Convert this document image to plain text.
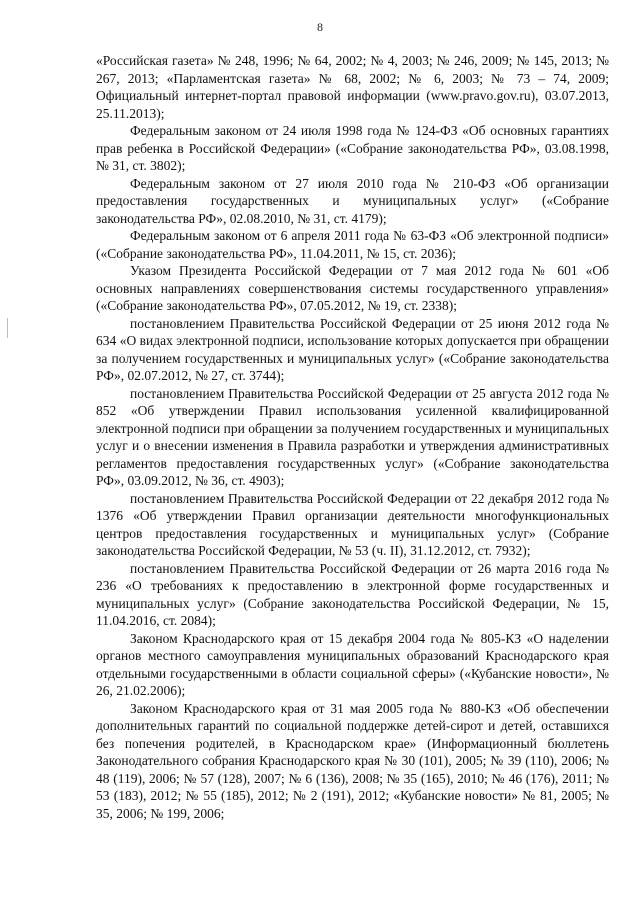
8

«Российская газета» № 248, 1996; № 64, 2002; № 4, 2003; № 246, 2009; № 145, 2013; № 267, 2013; «Парламентская газета» № 68, 2002; № 6, 2003; № 73 – 74, 2009; Официальный интернет-портал правовой информации (www.pravo.gov.ru), 03.07.2013, 25.11.2013);

Федеральным законом от 24 июля 1998 года № 124-ФЗ «Об основных гарантиях прав ребенка в Российской Федерации» («Собрание законодательства РФ», 03.08.1998, № 31, ст. 3802);

Федеральным законом от 27 июля 2010 года № 210-ФЗ «Об организации предоставления государственных и муниципальных услуг» («Собрание законодательства РФ», 02.08.2010, № 31, ст. 4179);

Федеральным законом от 6 апреля 2011 года № 63-ФЗ «Об электронной подписи» («Собрание законодательства РФ», 11.04.2011, № 15, ст. 2036);

Указом Президента Российской Федерации от 7 мая 2012 года № 601 «Об основных направлениях совершенствования системы государственного управления» («Собрание законодательства РФ», 07.05.2012, № 19, ст. 2338);

постановлением Правительства Российской Федерации от 25 июня 2012 года № 634 «О видах электронной подписи, использование которых допускается при обращении за получением государственных и муниципальных услуг» («Собрание законодательства РФ», 02.07.2012, № 27, ст. 3744);

постановлением Правительства Российской Федерации от 25 августа 2012 года № 852 «Об утверждении Правил использования усиленной квалифицированной электронной подписи при обращении за получением государственных и муниципальных услуг и о внесении изменения в Правила разработки и утверждения административных регламентов предоставления государственных услуг» («Собрание законодательства РФ», 03.09.2012, № 36, ст. 4903);

постановлением Правительства Российской Федерации от 22 декабря 2012 года № 1376 «Об утверждении Правил организации деятельности многофункциональных центров предоставления государственных и муниципальных услуг» (Собрание законодательства Российской Федерации, № 53 (ч. II), 31.12.2012, ст. 7932);

постановлением Правительства Российской Федерации от 26 марта 2016 года № 236 «О требованиях к предоставлению в электронной форме государственных и муниципальных услуг» (Собрание законодательства Российской Федерации, № 15, 11.04.2016, ст. 2084);

Законом Краснодарского края от 15 декабря 2004 года № 805-КЗ «О наделении органов местного самоуправления муниципальных образований Краснодарского края отдельными государственными в области социальной сферы» («Кубанские новости», № 26, 21.02.2006);

Законом Краснодарского края от 31 мая 2005 года № 880-КЗ «Об обеспечении дополнительных гарантий по социальной поддержке детей-сирот и детей, оставшихся без попечения родителей, в Краснодарском крае» (Информационный бюллетень Законодательного собрания Краснодарского края № 30 (101), 2005; № 39 (110), 2006; № 48 (119), 2006; № 57 (128), 2007; № 6 (136), 2008; № 35 (165), 2010; № 46 (176), 2011; № 53 (183), 2012; № 55 (185), 2012; № 2 (191), 2012; «Кубанские новости» № 81, 2005; № 35, 2006; № 199, 2006;
